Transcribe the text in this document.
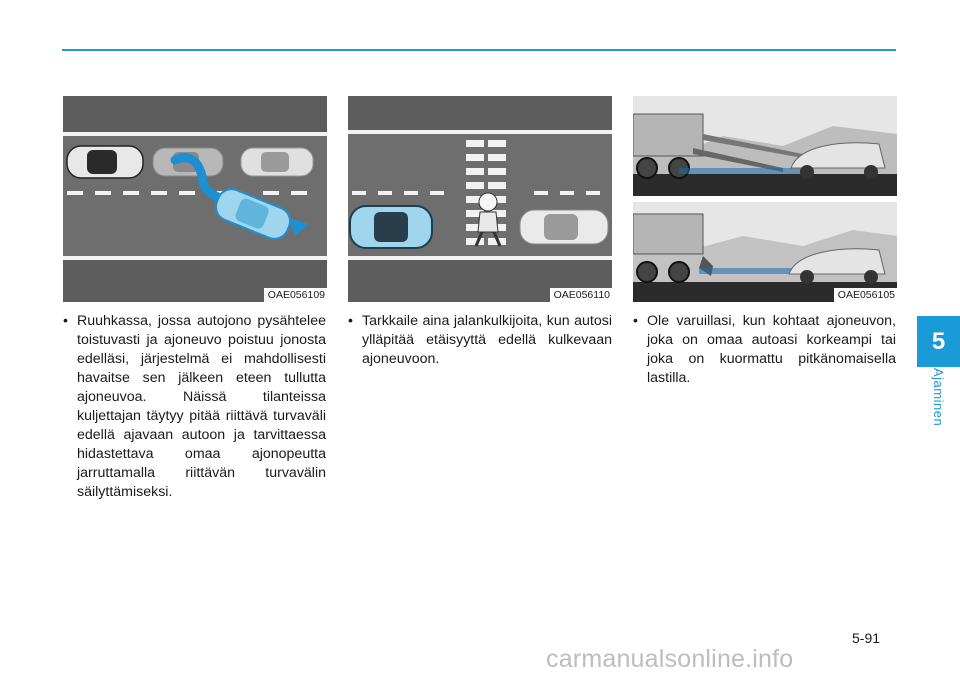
5
Ajaminen
OAE056109	OAE056110	OAE056105
• Ruuhkassa, jossa autojono pysähtelee toistuvasti ja ajoneuvo poistuu jonosta edelläsi, järjestelmä ei mahdollisesti havaitse sen jälkeen eteen tullutta ajoneuvoa. Näissä tilanteissa kuljettajan täytyy pitää riittävä turvaväli edellä ajavaan autoon ja tarvittaessa hidastettava omaa ajonopeutta jarruttamalla riittävän turvavälin säilyttämiseksi.
• Tarkkaile aina jalankulkijoita, kun autosi ylläpitää etäisyyttä edellä kulkevaan ajoneuvoon.
• Ole varuillasi, kun kohtaat ajoneuvon, joka on omaa autoasi korkeampi tai joka on kuormattu pitkänomaisella lastilla.
5-91
carmanualsonline.info
